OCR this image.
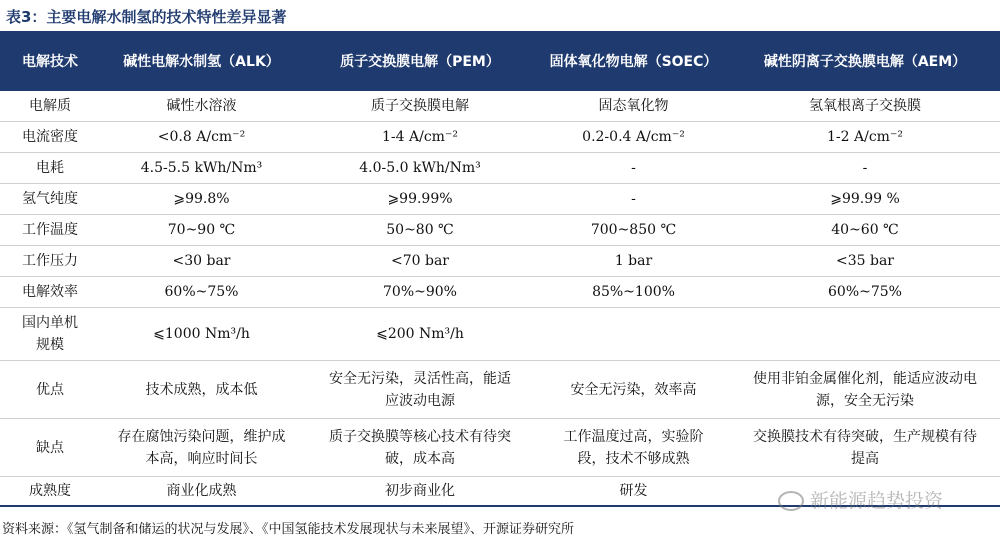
表3：主要电解水制氢的技术特性差异显著
电解技术	碱性电解水制氢（ALK）	质子交换膜电解（PEM）	固体氧化物电解（SOEC）	碱性阴离子交换膜电解（AEM）
电解质	碱性水溶液	质子交换膜电解	固态氧化物	氢氧根离子交换膜
电流密度	<0.8 A/cm⁻²	1-4 A/cm⁻²	0.2-0.4 A/cm⁻²	1-2 A/cm⁻²
电耗	4.5-5.5 kWh/Nm³	4.0-5.0 kWh/Nm³	-	-
氢气纯度	⩾99.8%	⩾99.99%	-	⩾99.99 %
工作温度	70~90 ℃	50~80 ℃	700~850 ℃	40~60 ℃
工作压力	<30 bar	<70 bar	1 bar	<35 bar
电解效率	60%~75%	70%~90%	85%~100%	60%~75%
国内单机规模	⩽1000 Nm³/h	⩽200 Nm³/h		
优点	技术成熟，成本低	安全无污染，灵活性高，能适应波动电源	安全无污染，效率高	使用非铂金属催化剂，能适应波动电源，安全无污染
缺点	存在腐蚀污染问题，维护成本高，响应时间长	质子交换膜等核心技术有待突破，成本高	工作温度过高，实验阶段，技术不够成熟	交换膜技术有待突破，生产规模有待提高
成熟度	商业化成熟	初步商业化	研发		新能源趋势投资
资料来源：《氢气制备和储运的状况与发展》、《中国氢能技术发展现状与未来展望》、开源证券研究所
